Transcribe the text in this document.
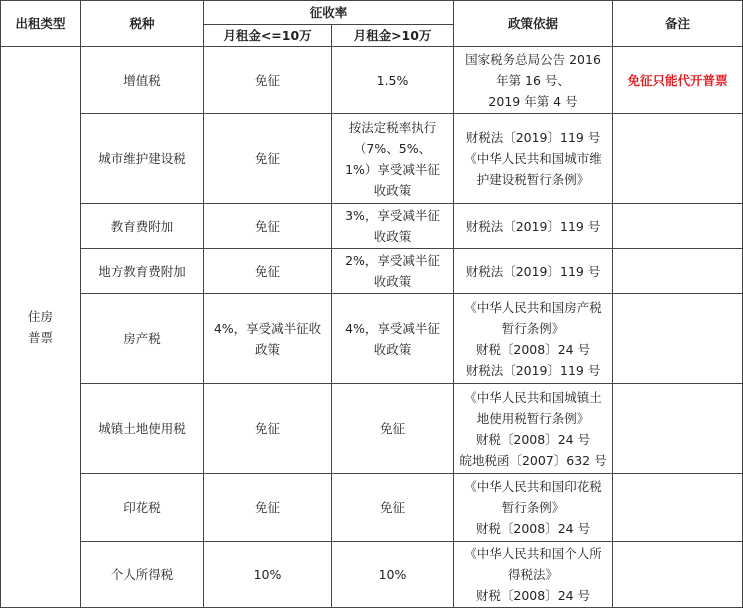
出租类型	税种	征收率		政策依据	备注
		月租金<=10万	月租金>10万		

住房
普票	增值税	免征	1.5%	国家税务总局公告 2016
年第 16 号、
2019 年第 4 号	免征只能代开普票
	城市维护建设税	免征	按法定税率执行
（7%、5%、
1%）享受减半征
收政策	财税法〔2019〕119 号
《中华人民共和国城市维
护建设税暂行条例》	

	教育费附加	免征	3%，享受减半征
收政策	财税法〔2019〕119 号	

	地方教育费附加	免征	2%，享受减半征
收政策	财税法〔2019〕119 号	

	房产税	4%，享受减半征收
政策	4%，享受减半征
收政策	《中华人民共和国房产税
暂行条例》
财税〔2008〕24 号
财税法〔2019〕119 号	

	城镇土地使用税	免征	免征	《中华人民共和国城镇土
地使用税暂行条例》
财税〔2008〕24 号
皖地税函〔2007〕632 号	

	印花税	免征	免征	《中华人民共和国印花税
暂行条例》
财税〔2008〕24 号	

	个人所得税	10%	10%	《中华人民共和国个人所
得税法》
财税〔2008〕24 号	
